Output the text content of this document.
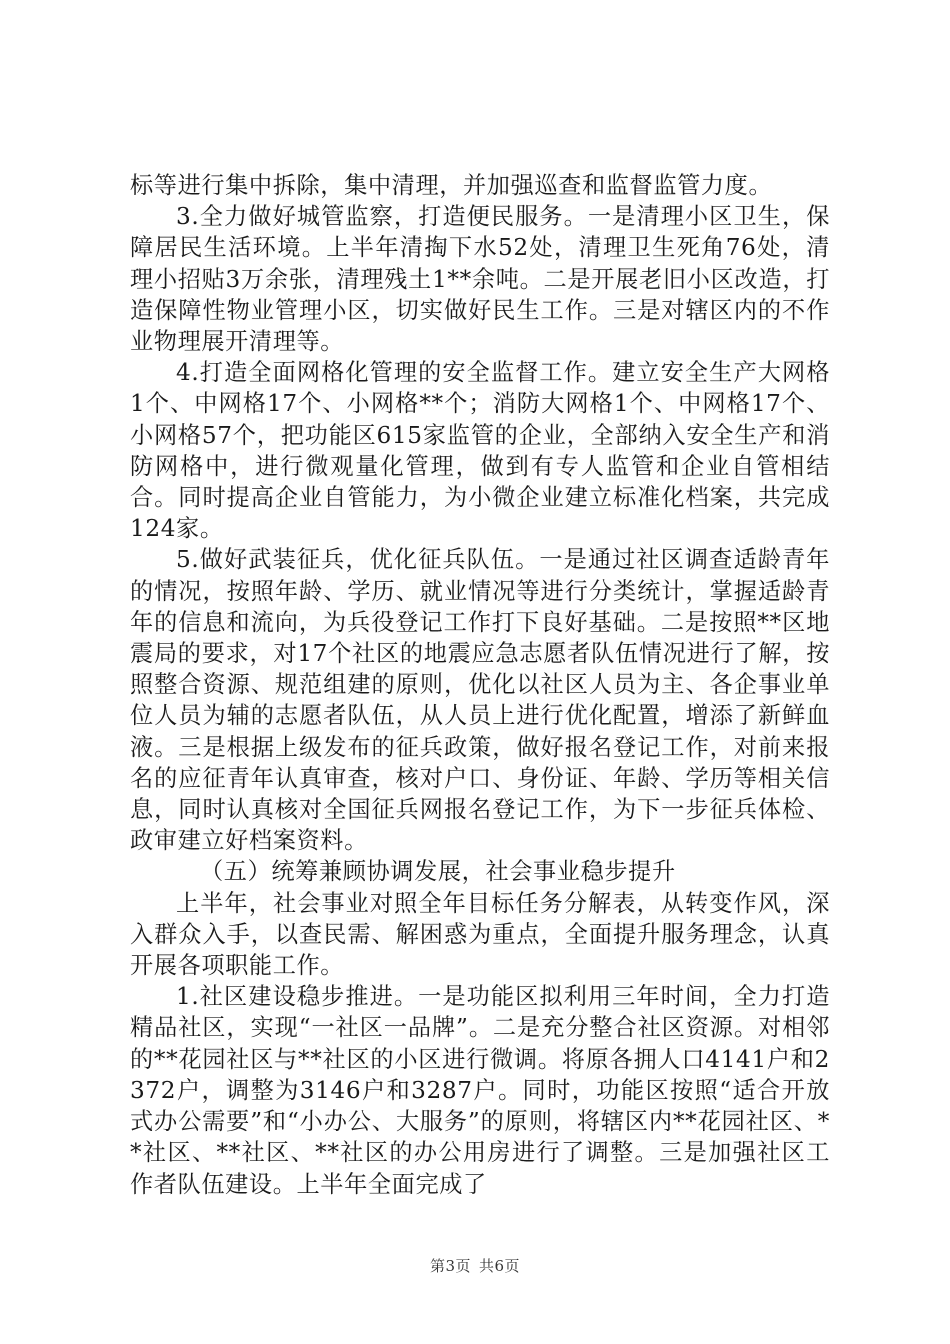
标等进行集中拆除，集中清理，并加强巡查和监督监管力度。

3.全力做好城管监察，打造便民服务。一是清理小区卫生，保障居民生活环境。上半年清掏下水52处，清理卫生死角76处，清理小招贴3万余张，清理残土1**余吨。二是开展老旧小区改造，打造保障性物业管理小区，切实做好民生工作。三是对辖区内的不作业物理展开清理等。

4.打造全面网格化管理的安全监督工作。建立安全生产大网格1个、中网格17个、小网格**个；消防大网格1个、中网格17个、小网格57个，把功能区615家监管的企业，全部纳入安全生产和消防网格中，进行微观量化管理，做到有专人监管和企业自管相结合。同时提高企业自管能力，为小微企业建立标准化档案，共完成124家。

5.做好武装征兵，优化征兵队伍。一是通过社区调查适龄青年的情况，按照年龄、学历、就业情况等进行分类统计，掌握适龄青年的信息和流向，为兵役登记工作打下良好基础。二是按照**区地震局的要求，对17个社区的地震应急志愿者队伍情况进行了解，按照整合资源、规范组建的原则，优化以社区人员为主、各企事业单位人员为辅的志愿者队伍，从人员上进行优化配置，增添了新鲜血液。三是根据上级发布的征兵政策，做好报名登记工作，对前来报名的应征青年认真审查，核对户口、身份证、年龄、学历等相关信息，同时认真核对全国征兵网报名登记工作，为下一步征兵体检、政审建立好档案资料。

（五）统筹兼顾协调发展，社会事业稳步提升

上半年，社会事业对照全年目标任务分解表，从转变作风，深入群众入手，以查民需、解困惑为重点，全面提升服务理念，认真开展各项职能工作。

1.社区建设稳步推进。一是功能区拟利用三年时间，全力打造精品社区，实现“一社区一品牌”。二是充分整合社区资源。对相邻的**花园社区与**社区的小区进行微调。将原各拥人口4141户和2372户，调整为3146户和3287户。同时，功能区按照“适合开放式办公需要”和“小办公、大服务”的原则，将辖区内**花园社区、**社区、**社区、**社区的办公用房进行了调整。三是加强社区工作者队伍建设。上半年全面完成了

第3页 共6页
